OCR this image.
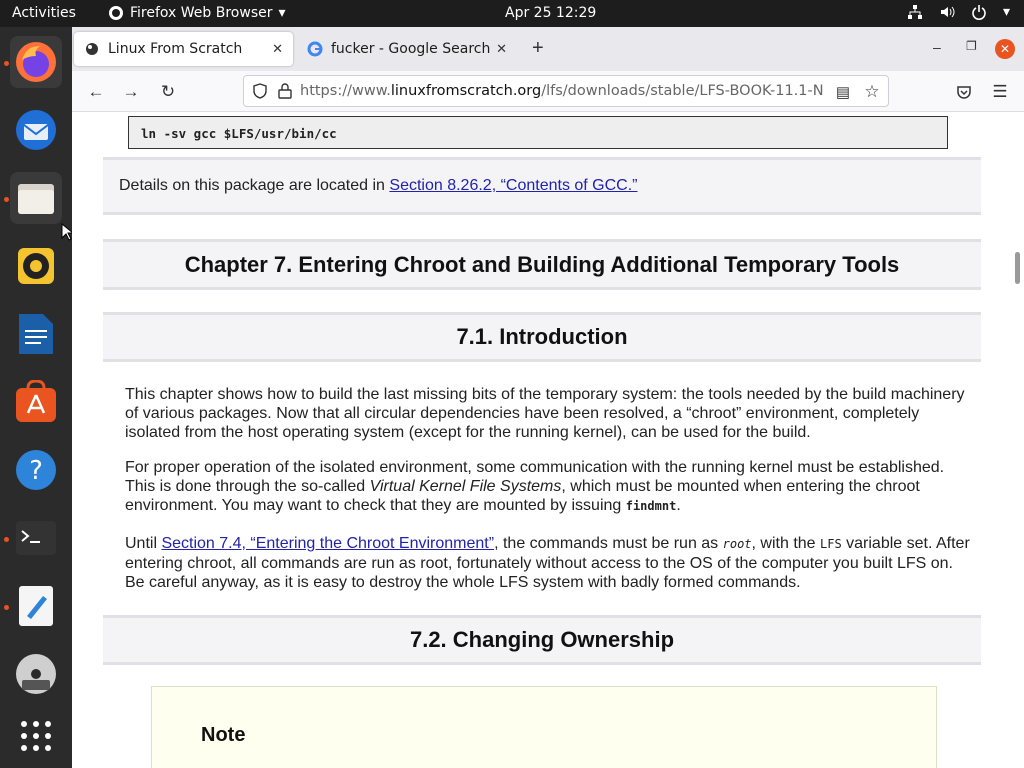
Activities	Firefox Web Browser ▾	Apr 25 12:29	▾
?
Linux From Scratch ✕	fucker - Google Search ✕ +	– ❐	✕
← →	↻	https://www.linuxfromscratch.org/lfs/downloads/stable/LFS-BOOK-11.1-N ▤ ☆	☰
ln -sv gcc $LFS/usr/bin/cc
Details on this package are located in Section 8.26.2, “Contents of GCC.”
Chapter 7. Entering Chroot and Building Additional Temporary Tools
7.1. Introduction
This chapter shows how to build the last missing bits of the temporary system: the tools needed by the build machinery of various packages. Now that all circular dependencies have been resolved, a “chroot” environment, completely isolated from the host operating system (except for the running kernel), can be used for the build.
For proper operation of the isolated environment, some communication with the running kernel must be established. This is done through the so-called Virtual Kernel File Systems, which must be mounted when entering the chroot environment. You may want to check that they are mounted by issuing findmnt.
Until Section 7.4, “Entering the Chroot Environment”, the commands must be run as root, with the LFS variable set. After entering chroot, all commands are run as root, fortunately without access to the OS of the computer you built LFS on. Be careful anyway, as it is easy to destroy the whole LFS system with badly formed commands.
7.2. Changing Ownership
Note
